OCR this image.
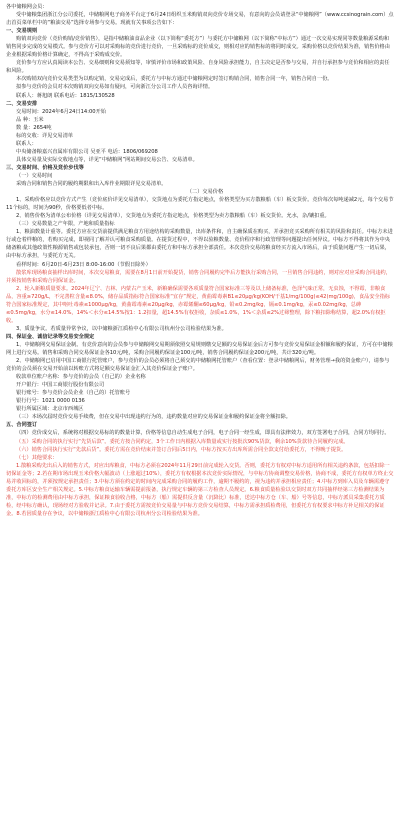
各中储粮网会员：

受中储粮集团浙江分公司委托，中储粮网电子商务平台定于6月24日组织玉米购销双向竞价专场交易，有意向的会员请登录“中储粮网”（www.ccsinograin.com）点击首页菜单栏中的“粮油交易”选择专场参与交易。现就有关事项公告如下：

一、交易规则

购销双向竞价（竞价购销/竞价销售），是指中储粮油食品企业（以下简称“委托方”）与委托方中储粮网（以下简称“中标方”）通过一次交易实现同等数量粮源采购和销售同步完成的交易模式。参与竞价方可以对采购标的竞价进行竞价，一旦采购标的竞价成交，则相对应的销售标的将同时成交。采购价格以竞价结果为准，销售价格由企业根据采购价格计算确定，不得高于采购成交价。

竞价参与方应认真阅读本公告、交易细则和交易须知等，审慎评价市场和政策风险、自身风险承担能力，自主决定是否参与交易，并自行承担参与竞价和相应的责任和风险。

本次购销双向竞价交易类型为以购定销，交易完成后，委托方与中标方通过中储粮网定时签订购销合同，销售合同一年，销售合同自一份。

拟参与竞价的会员对本次购销双向交易如有疑问，可向浙江分公司工作人员咨询详情。

联系人：蒋旭朗 联系电话：1815/130528

二、交易安排

交易时间：2024年6月24日14:00开始

品 种：玉米

数 量：2654吨

标的交收：详见交易清单

联系人：

中央储备粮嘉兴直属库有限公司 吴亚平 电话：1806/069208

具体交易量及实际交收地点等，详见“中储粮网”网站期间交易公告、交易清单。

三、交易时间、价格及竞价步伐等

（一）交易时间

采购合同和销售合同的履约期限和出入库作业期限详见交易清单。

（二）交易价格

1、采购价格应以竞价方式产生（竞价底价详见交易清单），交货地点为委托方指定地点，价格类型为买方散粮船（车）板交货价。竞价每次每吨递减2元，每个交易节11个标的，时间为90秒，价格要低者中标。

2、销售价格为清单公布价格（详见交易清单），交货地点为委托方指定地点，价格类型为卖方散粮船（车）板交货价。允水，杂/镶扣重。

（三）交易数量之产年限，产地和质量指标

1、粮油数量计重等。委托方应在交货前提供满足粮食方用途结构的采购数量，出库条件和，自主确保质在购买，并承担竞买采购所有相关的风险和责任。中标方未进行或仓着样粮的，若购买完成，即视同了解并认可粮食采购质量。在提货过程中，不得以验粮数量、竞价程序和行政管理等问题提出任何异议。中标方不得将其作为中央储备粮或其他政策性粮源销售或包装承包，否则一切不良后果都由委托方和中标方承担全部责任。本次竞价交易的粮食经买方流入市场后，由于质量问题产生一切后果，由中标方承担，与委托方无关。

看样时间：6月20日-6月23日 8:00-16:00（节假日除外）

散浆库现场粮食抽样出库时间，本次交易粮食，需要在8月1日前开始提货，销售合同履约完毕后方能执行采购合同，一旦销售合同违约，则对应对应采购合同违约，并须按销售和采购合同保证金。

2、轮入新粮质量要求。2024年辽宁、吉林、内蒙古产玉米，新粮确保需要各项质量符合国家标准三等及以上储备标准，色泽气味正常，无虫蚀，不得霉，非粮食品，容重≥720g/L，不完善粒含量≤8.0%，储存品质指标符合国家标准“宜存”规定，黄曲霉毒素B1≤20μg/kg(KOH/干基1/mg/100g)≤42(mg/100g)，食品安全指标符合国家标准规定，其中呕吐毒素≤1000μg/kg，黄曲霉毒素≤20μg/kg，赤霉烯酮≤60μg/kg，铅≤0.2mg/kg，镉≤0.1mg/kg，汞≤0.02mg/kg，总砷≤0.5mg/kg，水分≤14.0%，14%＜水分≤14.5%按1：1.2扣量，超14.5%有权拒收，杂质≤1.0%，1%＜杂质≤2%过筛整理，除下粮扣除称结算，超2.0%有权拒收。

3、质量争议。若质量异常争议，以中储粮浙江质检中心有限公司杭州分公司检验结果为准。

四、保证金、诚信记录等交易安全规定

1、中储粮网交易保证金制。有竞价意向的会员参与中储粮网交易期须依照交易规则缴交足额的交易保证金后方可参与竞价交易保证金相额和履约保证，方可在中储粮网上进行交易。销售和采购合同交易保证金各10元/吨，采购合同履约保证金100元/吨，销售合同履约保证金200元/吨，共计320元/吨。

2、中储粮网已启用中国工商银行托管账户，参与竞价的会员必须将自己须交的中储粮网托管账户（查看位置：登录中储粮网后，财务管理→我的资金账户），请参与竞价的会员须在交易开始前以转账方式将足额交易保证金汇入其竞价保证金子账户。

收款单位账户名称：参与竞价的会员（自己的）企业名称

开户银行：中国工商银行股份有限公司

银行账号：参与竞价会员企业（自己的）托管账号

银行行号：1021 0000 0136

银行所属区域：北京市西城区

（三）本场次届时竞价交易手续费，但在交易中出现违约行为的，违约数量对应的交易保证金和履约保证金将全额扣除。

五、合同签订

（四）竞价成交后，系统将对根据交易标的的数量计算，价格等信息自动生成电子合同，电子合同一经生成，即具有法律效力，双方签署电子合同，合同方均同行。

（五）采购合同的执行实行“先货后款”。委托方按合同约定，3个工作日内根据入库数量或实行按批次90%货款，剩余10%货款待合同履约完成。

（六）销售合同执行实行“先款后货”。委托方需在竞价结束并签订合同后5日内，中标方按买方出库所需合同全款支付给委托方，不得晚于提货。

（七）其他要求：

1.散粮采购先出后入的销售方式，对应出库粮食，中标方必须在2024年11月29日前完成轮入交货。否则，委托方有权对中标方适用所有相关违约条款，包括扣除一切保证金等；2.若在期市场出现玉米价格大幅波动（上涨超过10%），委托方有权根据本次竞价实际情况，与中标方协商调整交易价格，协商不成，委托方有权单方终止交易并收回标的，并须按规定承担责任；3.中标方须在约定的时间内完成采购合同的履约工作，逾期不履约的，视为违约并承担相应责任；4.中标方到库入员及车辆需遵守委托方库区安全生产相关规定。5.中标方粮食运输车辆需提前报备，执行规定车辆的第三方检查人员规定。6.粮食质量检验以交货时双方共同抽样经第三方检测结果为准，中标方的检测费用由中标方承担，保证粮食验收合格，中标方（船）需提供反含量（沉降比）标准，送达中标方仓（车、船）号等信息，中标方派员采集委托方质检，经中标方确认，现场经对方验收并记录。7.由于委托方需按竞价交易量与中标方竞价交易结算，中标方需承担质检费用，但委托方有权要求中标方补足相关的保证金。8.若因质量存在争议，以中储粮浙江质检中心有限公司杭州分公司检验结果为准。
